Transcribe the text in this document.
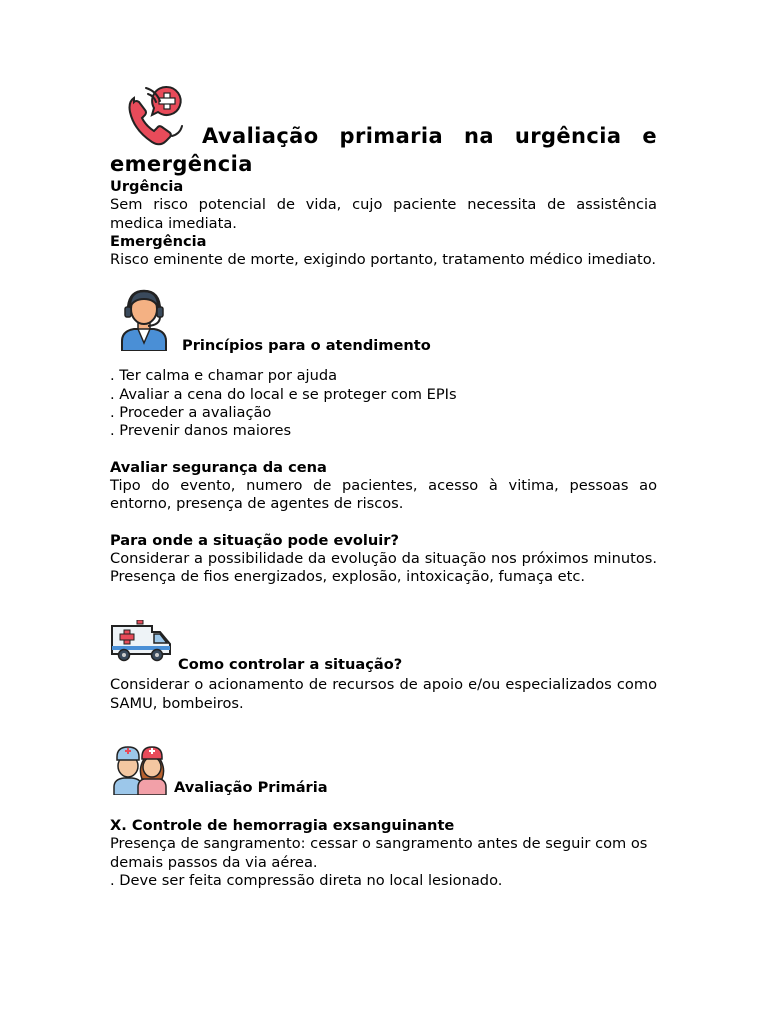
Avaliação primaria na urgência e emergência

Urgência

Sem risco potencial de vida, cujo paciente necessita de assistência medica imediata.

Emergência

Risco eminente de morte, exigindo portanto, tratamento médico imediato.

Princípios para o atendimento
. Ter calma e chamar por ajuda
. Avaliar a cena do local e se proteger com EPIs
. Proceder a avaliação
. Prevenir danos maiores

Avaliar segurança da cena

Tipo do evento, numero de pacientes, acesso à vitima, pessoas ao entorno, presença de agentes de riscos.

Para onde a situação pode evoluir?

Considerar a possibilidade da evolução da situação nos próximos minutos. Presença de fios energizados, explosão, intoxicação, fumaça etc.

Como controlar a situação?

Considerar o acionamento de recursos de apoio e/ou especializados como SAMU, bombeiros.

Avaliação Primária

X. Controle de hemorragia exsanguinante

Presença de sangramento: cessar o sangramento antes de seguir com os demais passos da via aérea.

. Deve ser feita compressão direta no local lesionado.
